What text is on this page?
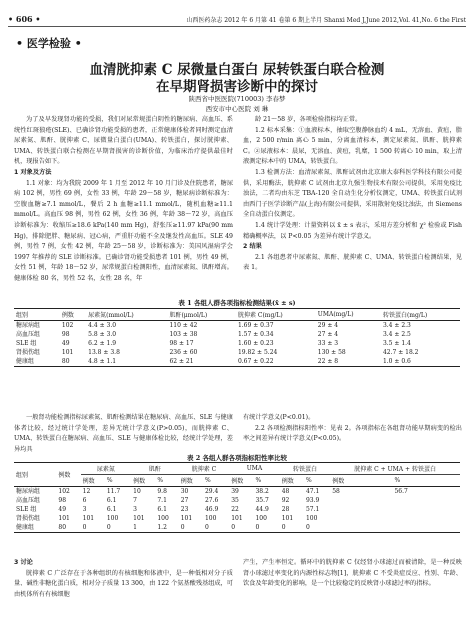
• 606 •	山西医药杂志 2012 年 6 月第 41 卷第 6 期上半月 Shanxi Med J,June 2012,Vol. 41,No. 6 the First
• 医学检验 •
血清胱抑素 C 尿微量白蛋白 尿转铁蛋白联合检测
在早期肾损害诊断中的探讨
陕西省中医医院(710003) 李春梦
西安市中心医院 刘 琳

为了及早发现肾功能的受损，我们对尿常规蛋白阴性的糖尿病、高血压、系统性红斑狼疮(SLE)、已确诊肾功能受损的患者，正常健康体检者同时测定血清尿素氮、肌酐、胱抑素 C、尿微量白蛋白(UMA)、转铁蛋白，探讨胱抑素、UMA、转铁蛋白联合检测在早期肾损害的诊断价值，为临床治疗提供最佳时机，现报告如下。

1 对象及方法

1.1 对象：均为我院 2009 年 1 月至 2012 年 10 月门诊及住院患者，糖尿病 102 例，男性 69 例，女性 33 例，年龄 29～58 岁，糖尿病诊断标准为：空腹血糖≥7.1 mmol/L，餐后 2 h 血糖≥11.1 mmol/L，随机血糖≥11.1 mmol/L。高血压 98 例，男性 62 例，女性 36 例，年龄 38～72 岁，高血压诊断标准为：收缩压≥18.6 kPa(140 mm Hg)，舒张压≥11.97 kPa(90 mm Hg)，排除肥胖、糖尿病、冠心病，严重肝功能不全及继发性高血压。SLE 49 例，男性 7 例，女性 42 例，年龄 25～58 岁，诊断标准为：美国风湿病学会 1997 年推荐的 SLE 诊断标准。已确诊肾功能受损患者 101 例，男性 49 例，女性 51 例，年龄 18～52 岁，尿常规蛋白检测阳性，血清尿素氮、肌酐增高。健康体检 80 名，男性 52 名，女性 28 名，年

龄 21～58 岁，各项检验指标均正常。

1.2 标本采集：①血液标本，抽取空腹静脉血约 4 mL，无溶血、黄疸，脂血，2 500 r/min 离心 5 min，分离血清标本，测定尿素氮、肌酐、胱抑素 C。②尿液标本：晨尿，无溶血、黄疸，乳糜，1 500 转离心 10 min，取上清液测定标本中的 UMA，转铁蛋白。

1.3 检测方法：血清尿素氮、肌酐试剂由北京康大泰科医学科技有限公司提供，采用酶法，胱抑素 C 试剂由北京九强生物技术有限公司提供，采用免疫比浊法，二者均由东芝 TBA-120 全自动生化分析仪测定，UMA、转铁蛋白试剂由西门子医学诊断产品(上海)有限公司提供，采用散射免疫比浊法，由 Siemens 全自动蛋白仪测定。

1.4 统计学处理：计量资料以 x̄ ± s 表示，采用方差分析和 χ² 检验或 Fish 精确概率法，以 P<0.05 为差异有统计学意义。

2 结果

2.1 各组患者中尿素氮、肌酐、胱抑素 C、UMA、转铁蛋白检测结果，见表 1。

表 1 各组人群各项指标检测结果(x̄ ± s)
组别	例数	尿素氮(mmol/L)	肌酐(μmol/L)	胱抑素 C(mg/L)	UMA(mg/L)	转铁蛋白(mg/L)
糖尿病组	102	4.4 ± 3.0	110 ± 42	1.69 ± 0.37	29 ± 4	3.4 ± 2.3
高血压组	98	5.8 ± 3.0	103 ± 38	1.57 ± 0.34	27 ± 4	3.4 ± 2.5
SLE 组	49	6.2 ± 1.9	98 ± 17	1.60 ± 0.23	33 ± 3	3.5 ± 1.4
肾损伤组	101	13.8 ± 3.8	236 ± 60	19.82 ± 5.24	130 ± 58	42.7 ± 18.2
健康组	80	4.8 ± 1.1	62 ± 21	0.67 ± 0.22	22 ± 8	1.0 ± 0.6

一般肾功能检测指标尿素氮、肌酐检测结果在糖尿病、高血压、SLE 与健康体者比较，经过统计学处理，差异无统计学意义(P>0.05)，而胱抑素 C、UMA、转铁蛋白在糖尿病、高血压、SLE 与健康体检比较，经统计学处理，差异均具

有统计学意义(P<0.01)。

2.2 各项检测指标阳性率：见表 2。各项指标在各组肾功能早期病变的检出率之间差异有统计学意义(P<0.05)。

表 2 各组人群各项指标阳性率比较
组别	例数	尿素氮		肌酐		胱抑素 C		UMA		转铁蛋白		胱抑素 C + UMA + 转铁蛋白	
		例数	%	例数	%	例数	%	例数	%	例数	%	例数	%
糖尿病组	102	12	11.7	10	9.8	30	29.4	39	38.2	48	47.1	58	56.7
高血压组	98	6	6.1	7	7.1	27	27.6	35	35.7	92	93.9		
SLE 组	49	3	6.1	3	6.1	23	46.9	22	44.9	28	57.1		
肾损伤组	101	101	100	101	100	101	100	101	100	101	100		
健康组	80	0	0	1	1.2	0	0	0	0	0	0		

3 讨论

胱抑素 C 广泛存在于各种组织的有核细胞和体液中，是一种低相对分子质量、碱性非糖化蛋白质，相对分子质量 13 300，由 122 个氨基酸残基组成，可由机体所有有核细胞

产生，产生率恒定。循环中的胱抑素 C 仅经肾小球滤过而被清除，是一种反映肾小球滤过率变化的内源性标志物[1]，胱抑素 C 不受炎症反应、性别、年龄、饮食及年龄变化的影响，是一个比较稳定的反映肾小球滤过率的指标。
